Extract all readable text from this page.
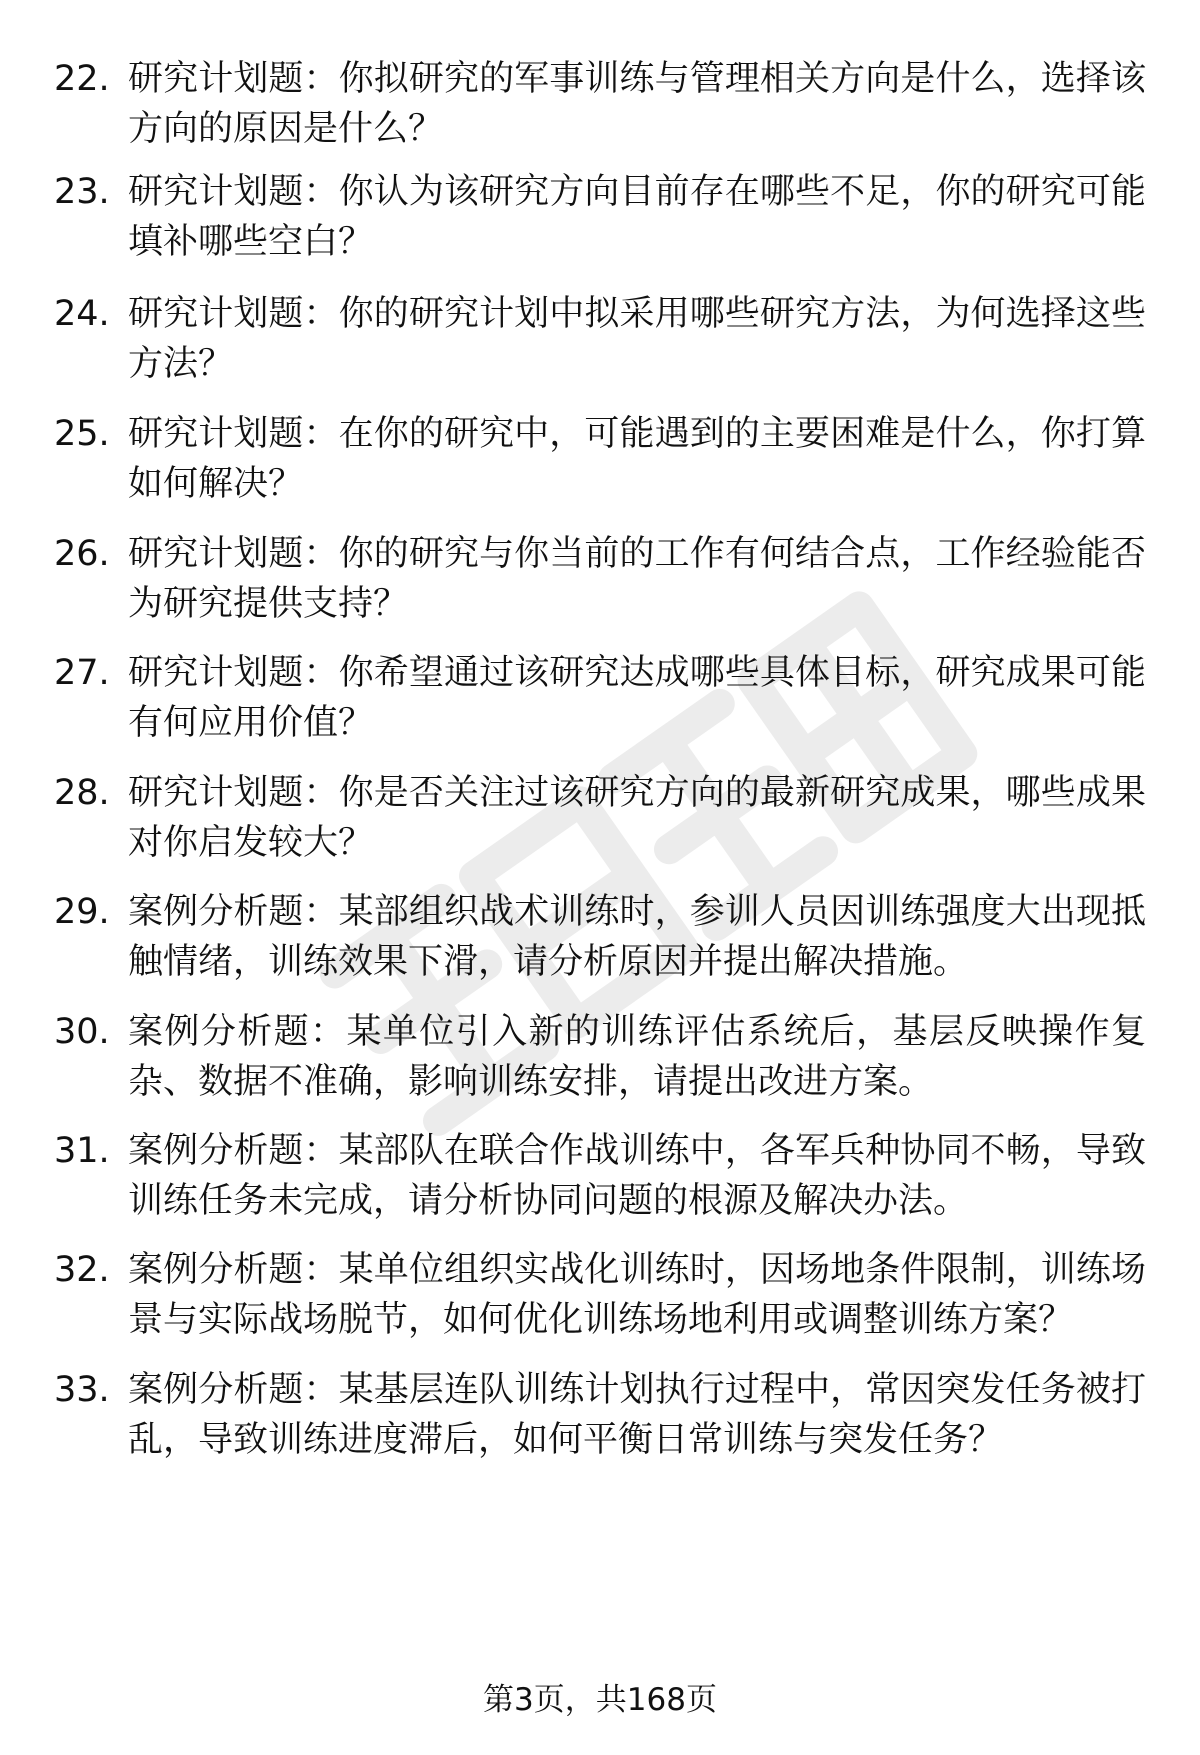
22. 研究计划题：你拟研究的军事训练与管理相关方向是什么，选择该方向的原因是什么？
23. 研究计划题：你认为该研究方向目前存在哪些不足，你的研究可能填补哪些空白？
24. 研究计划题：你的研究计划中拟采用哪些研究方法，为何选择这些方法？
25. 研究计划题：在你的研究中，可能遇到的主要困难是什么，你打算如何解决？
26. 研究计划题：你的研究与你当前的工作有何结合点，工作经验能否为研究提供支持？
27. 研究计划题：你希望通过该研究达成哪些具体目标，研究成果可能有何应用价值？
28. 研究计划题：你是否关注过该研究方向的最新研究成果，哪些成果对你启发较大？
29. 案例分析题：某部组织战术训练时，参训人员因训练强度大出现抵触情绪，训练效果下滑，请分析原因并提出解决措施。
30. 案例分析题：某单位引入新的训练评估系统后，基层反映操作复杂、数据不准确，影响训练安排，请提出改进方案。
31. 案例分析题：某部队在联合作战训练中，各军兵种协同不畅，导致训练任务未完成，请分析协同问题的根源及解决办法。
32. 案例分析题：某单位组织实战化训练时，因场地条件限制，训练场景与实际战场脱节，如何优化训练场地利用或调整训练方案？
33. 案例分析题：某基层连队训练计划执行过程中，常因突发任务被打乱，导致训练进度滞后，如何平衡日常训练与突发任务？
第3页，共168页
